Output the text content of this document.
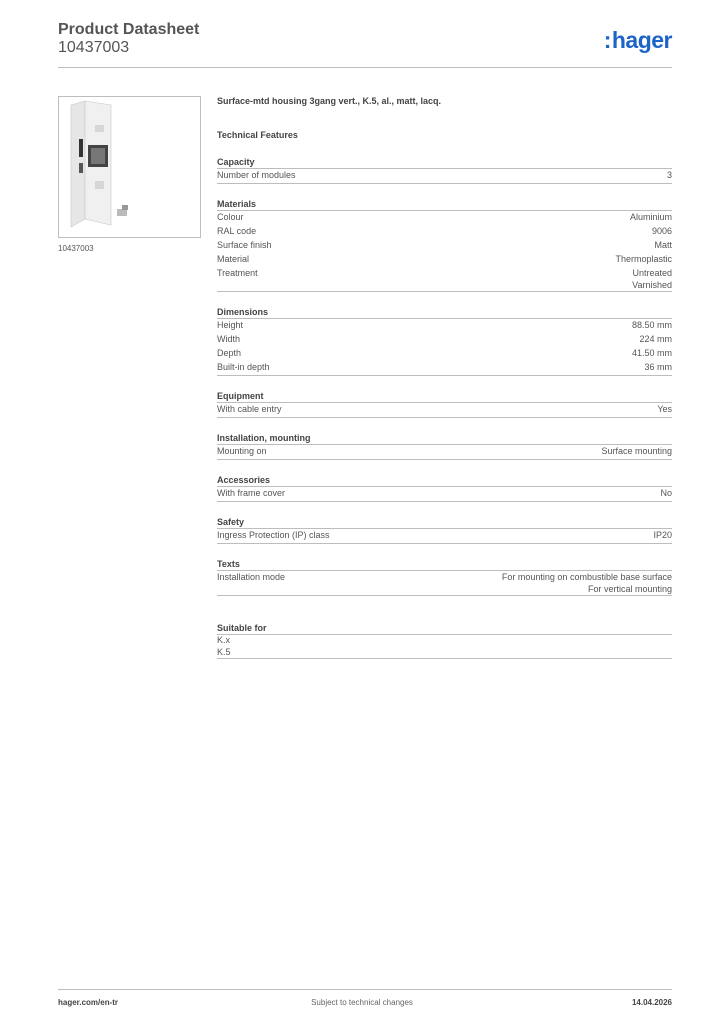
Product Datasheet
10437003	:hager
10437003
Surface-mtd housing 3gang vert., K.5, al., matt, lacq.
Technical Features
Capacity
Number of modules	3
Materials
Colour	Aluminium
RAL code	9006
Surface finish	Matt
Material	Thermoplastic
Treatment	Untreated
Varnished
Dimensions
Height	88.50 mm
Width	224 mm
Depth	41.50 mm
Built-in depth	36 mm
Equipment
With cable entry	Yes
Installation, mounting
Mounting on	Surface mounting
Accessories
With frame cover	No
Safety
Ingress Protection (IP) class	IP20
Texts
Installation mode	For mounting on combustible base surface
For vertical mounting
Suitable for
K.x
K.5
hager.com/en-tr	Subject to technical changes	14.04.2026
